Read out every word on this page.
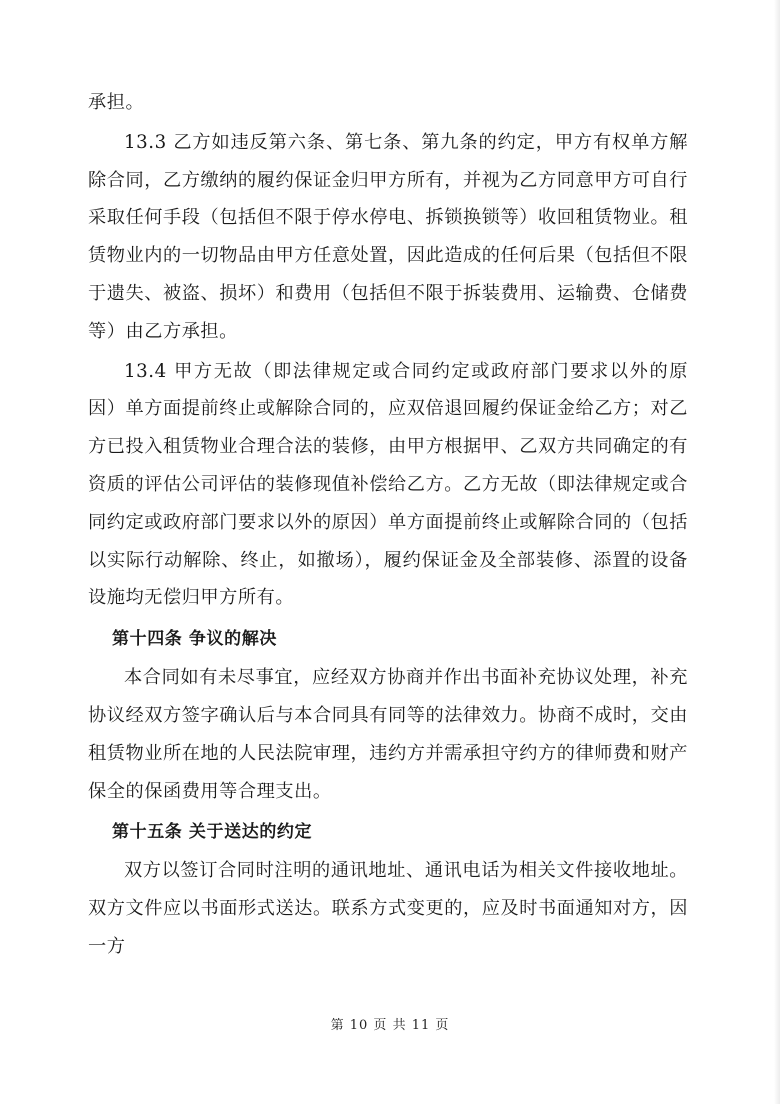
承担。

13.3 乙方如违反第六条、第七条、第九条的约定，甲方有权单方解除合同，乙方缴纳的履约保证金归甲方所有，并视为乙方同意甲方可自行采取任何手段（包括但不限于停水停电、拆锁换锁等）收回租赁物业。租赁物业内的一切物品由甲方任意处置，因此造成的任何后果（包括但不限于遗失、被盗、损坏）和费用（包括但不限于拆装费用、运输费、仓储费等）由乙方承担。

13.4 甲方无故（即法律规定或合同约定或政府部门要求以外的原因）单方面提前终止或解除合同的，应双倍退回履约保证金给乙方；对乙方已投入租赁物业合理合法的装修，由甲方根据甲、乙双方共同确定的有资质的评估公司评估的装修现值补偿给乙方。乙方无故（即法律规定或合同约定或政府部门要求以外的原因）单方面提前终止或解除合同的（包括以实际行动解除、终止，如撤场），履约保证金及全部装修、添置的设备设施均无偿归甲方所有。

第十四条 争议的解决

本合同如有未尽事宜，应经双方协商并作出书面补充协议处理，补充协议经双方签字确认后与本合同具有同等的法律效力。协商不成时，交由租赁物业所在地的人民法院审理，违约方并需承担守约方的律师费和财产保全的保函费用等合理支出。

第十五条 关于送达的约定

双方以签订合同时注明的通讯地址、通讯电话为相关文件接收地址。双方文件应以书面形式送达。联系方式变更的，应及时书面通知对方，因一方

第 10 页 共 11 页
